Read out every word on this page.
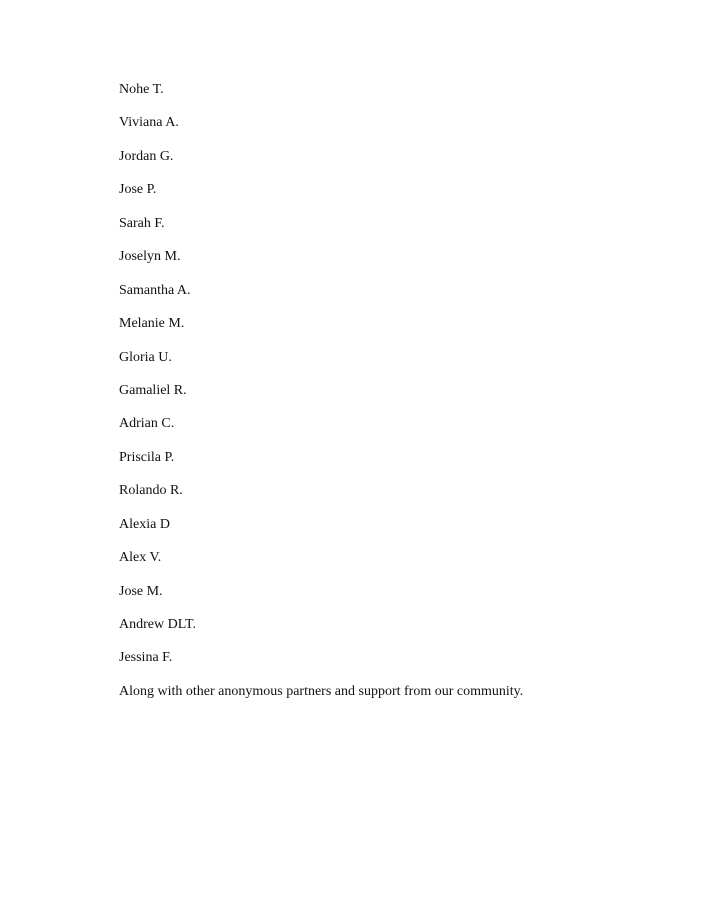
Nohe T.
Viviana A.
Jordan G.
Jose P.
Sarah F.
Joselyn M.
Samantha A.
Melanie M.
Gloria U.
Gamaliel R.
Adrian C.
Priscila P.
Rolando R.
Alexia D
Alex V.
Jose M.
Andrew DLT.
Jessina F.

Along with other anonymous partners and support from our community.
